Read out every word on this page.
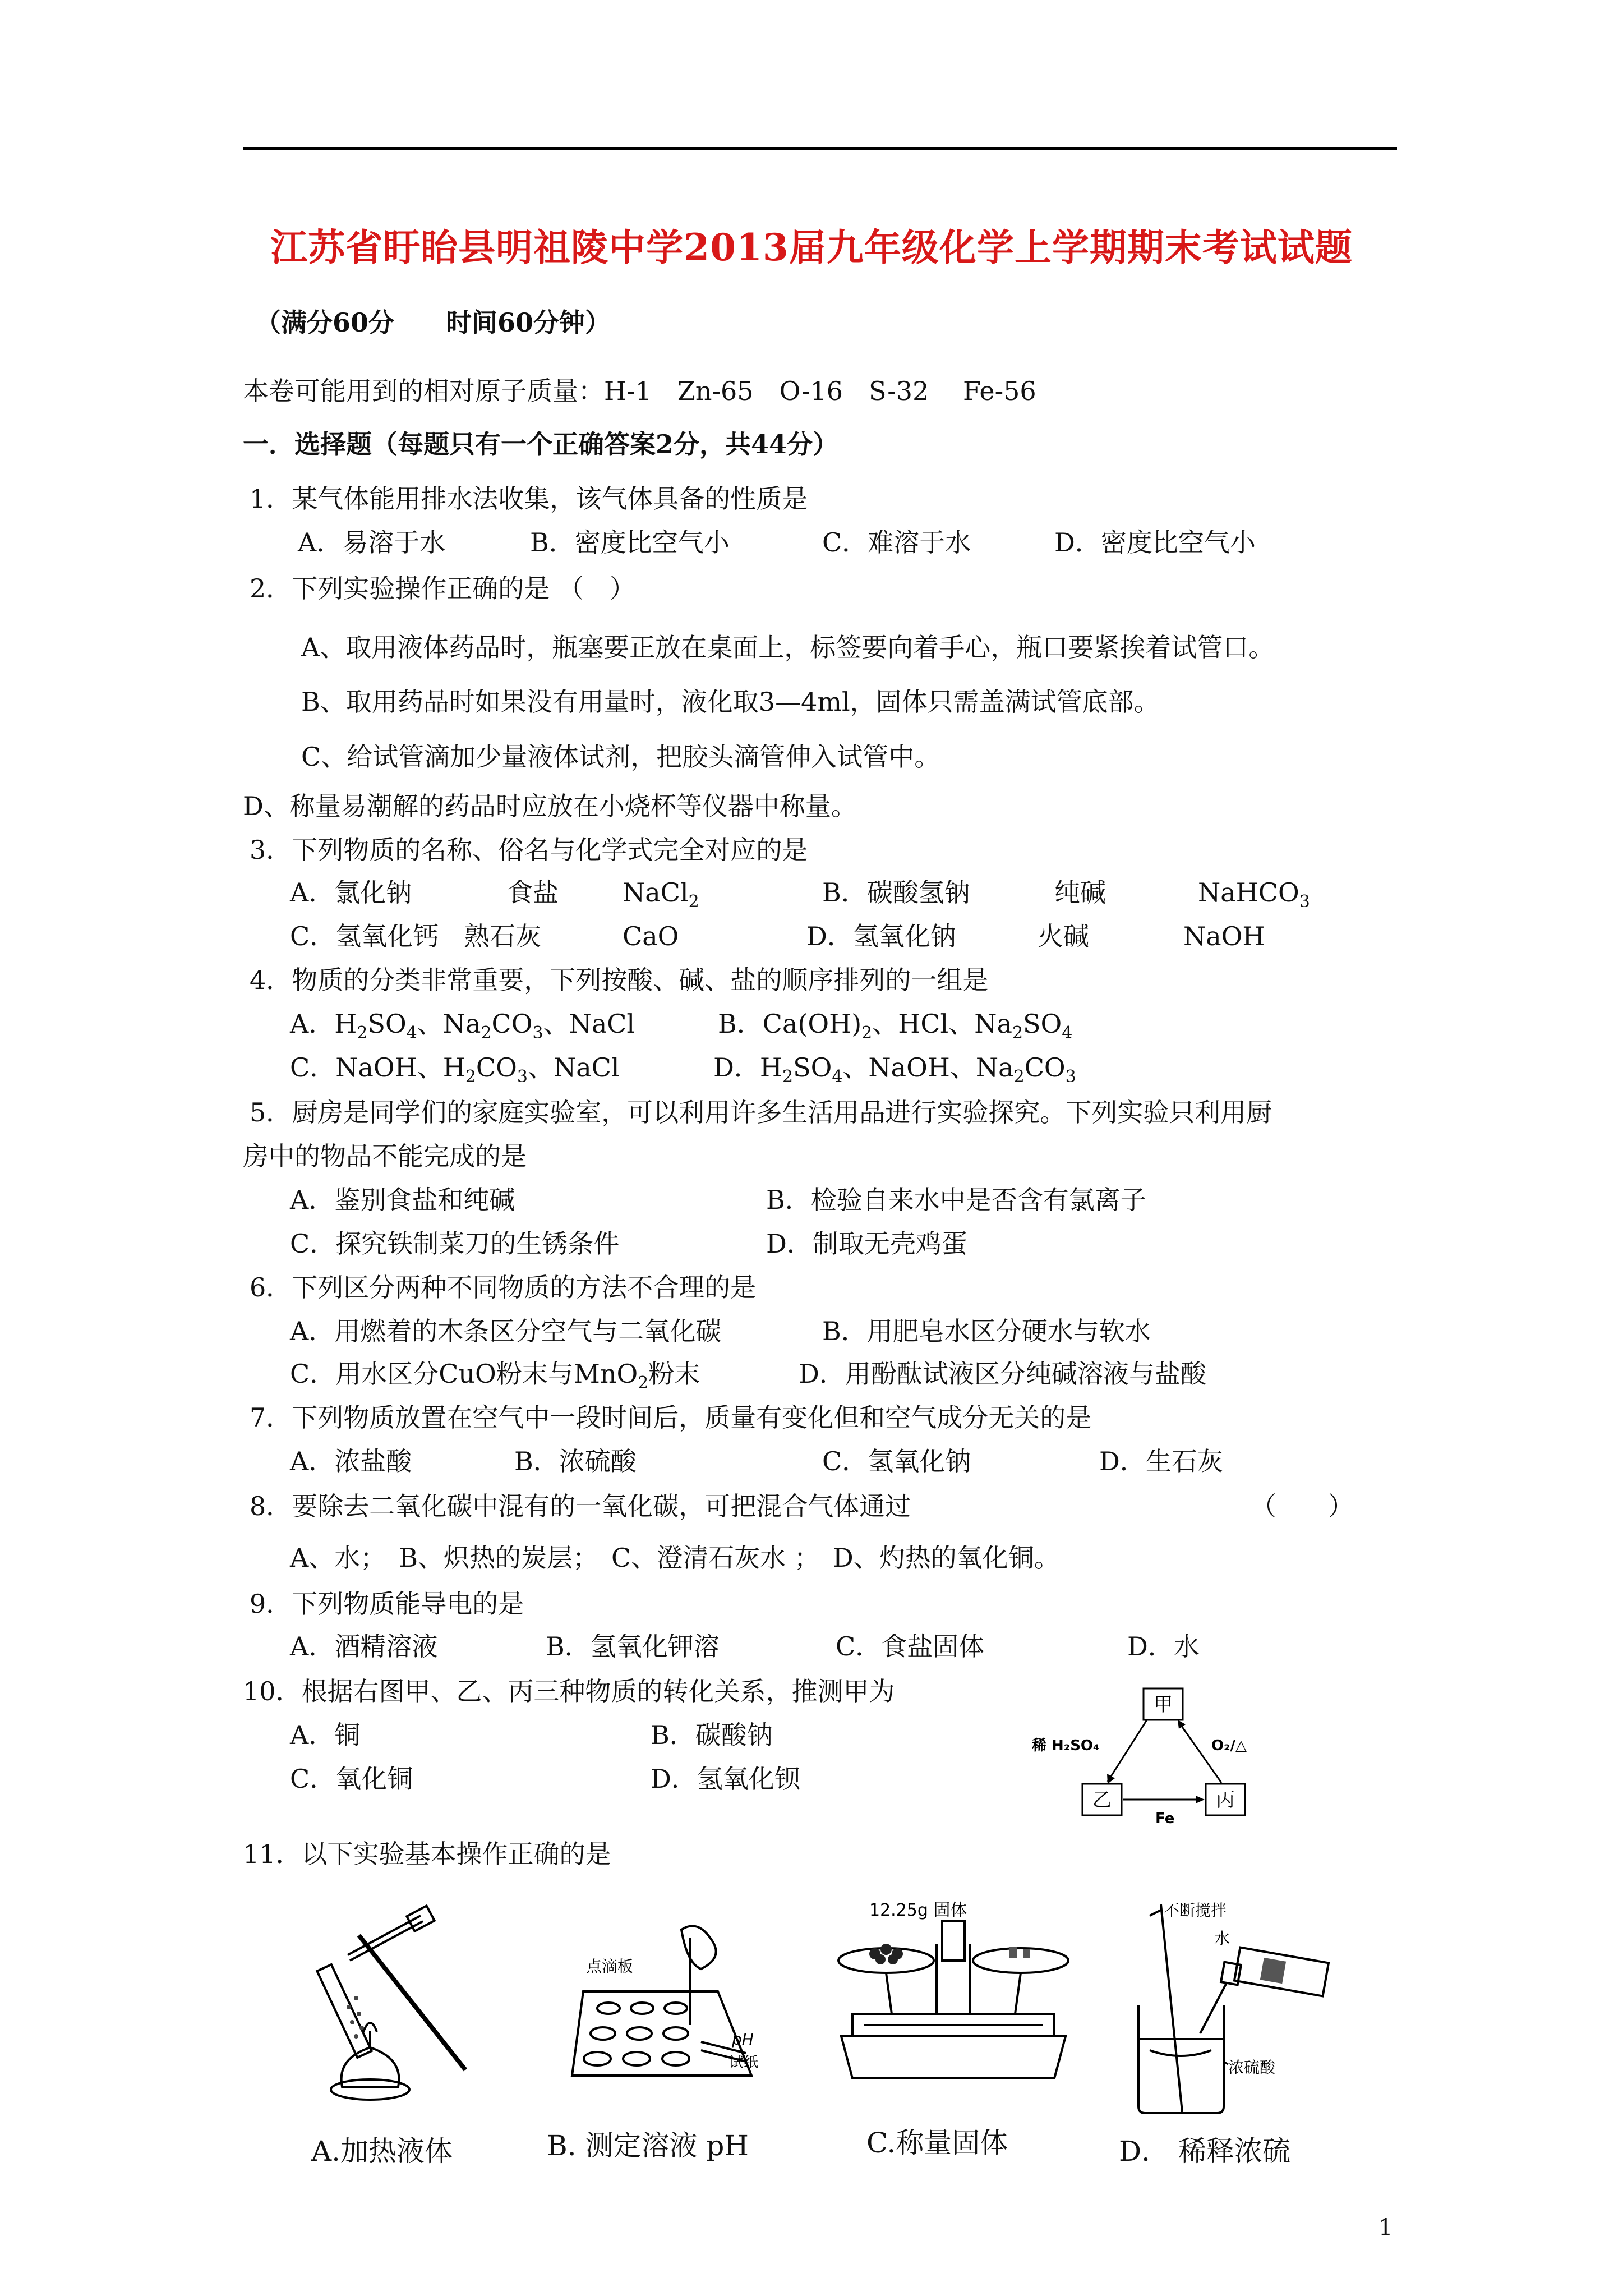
江苏省盱眙县明祖陵中学2013届九年级化学上学期期末考试试题
（满分60分　　时间60分钟）
本卷可能用到的相对原子质量：H-1　Zn-65　O-16　S-32　 Fe-56
一．选择题（每题只有一个正确答案2分，共44分）
1．某气体能用排水法收集，该气体具备的性质是
A．易溶于水	B．密度比空气小	C．难溶于水	D．密度比空气小
2．下列实验操作正确的是 （　）
A、取用液体药品时，瓶塞要正放在桌面上，标签要向着手心，瓶口要紧挨着试管口。
B、取用药品时如果没有用量时，液化取3—4ml，固体只需盖满试管底部。
C、给试管滴加少量液体试剂，把胶头滴管伸入试管中。
D、称量易潮解的药品时应放在小烧杯等仪器中称量。
3．下列物质的名称、俗名与化学式完全对应的是
A．氯化钠	食盐 NaCl$_2$	B．碳酸氢钠	纯碱	NaHCO$_3$
C．氢氧化钙 熟石灰	CaO	D．氢氧化钠	火碱	NaOH
4．物质的分类非常重要，下列按酸、碱、盐的顺序排列的一组是
A．$H_2SO_4$、$Na_2CO_3$、NaCl	B．$Ca(OH)_2$、HCl、$Na_2SO_4$
C．NaOH、$H_2CO_3$、NaCl	D．$H_2SO_4$、NaOH、$Na_2CO_3$
5．厨房是同学们的家庭实验室，可以利用许多生活用品进行实验探究。下列实验只利用厨
房中的物品不能完成的是
A．鉴别食盐和纯碱	B．检验自来水中是否含有氯离子
C．探究铁制菜刀的生锈条件	D．制取无壳鸡蛋
6．下列区分两种不同物质的方法不合理的是
A．用燃着的木条区分空气与二氧化碳	B．用肥皂水区分硬水与软水
C．用水区分CuO粉末与MnO$_2$粉末	D．用酚酞试液区分纯碱溶液与盐酸
7．下列物质放置在空气中一段时间后，质量有变化但和空气成分无关的是
A．浓盐酸	B．浓硫酸	C．氢氧化钠	D．生石灰
8．要除去二氧化碳中混有的一氧化碳，可把混合气体通过	（　　）
A、水；　B、炽热的炭层；　C、澄清石灰水 ；　D、灼热的氧化铜。
9．下列物质能导电的是
A．酒精溶液	B．氢氧化钾溶	C．食盐固体	D．水
10．根据右图甲、乙、丙三种物质的转化关系，推测甲为
A．铜	B．碳酸钠
C．氧化铜	D．氢氧化钡
甲
乙	丙
稀 H₂SO₄	O₂/△
Fe
11．以下实验基本操作正确的是
A.加热液体
点滴板
pH
试纸
B. 测定溶液 pH
12.25g 固体
C.称量固体
不断搅拌
水
浓硫酸
D． 稀释浓硫
1
